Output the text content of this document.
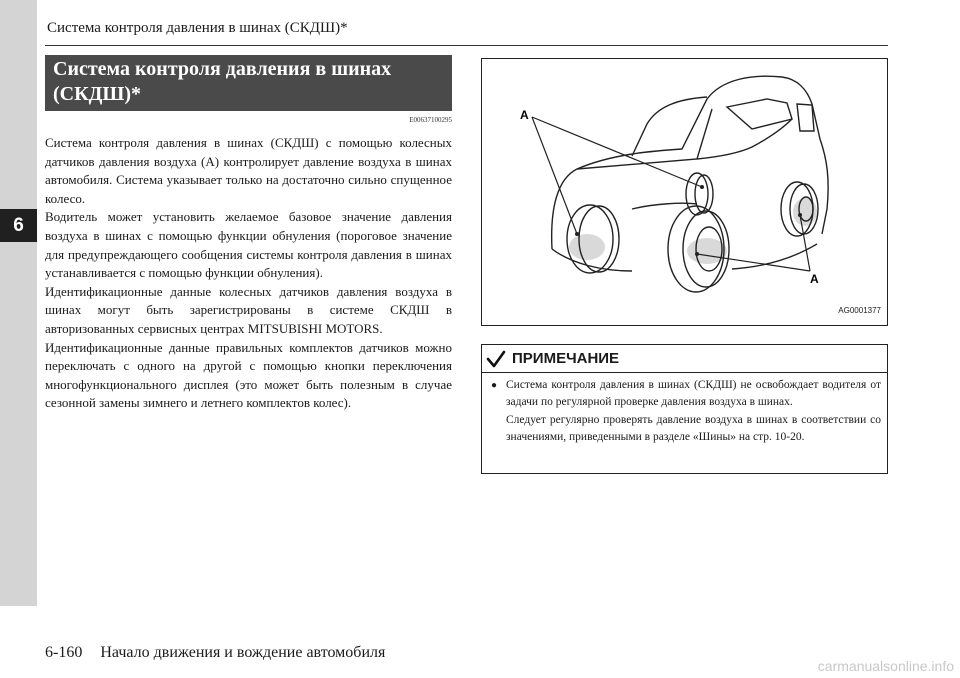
6
Система контроля давления в шинах (СКДШ)*
Система контроля давления в шинах (СКДШ)*
E00637100295

Система контроля давления в шинах (СКДШ) с помощью колесных датчиков давления воздуха (А) контролирует давление воздуха в шинах автомобиля. Система указывает только на достаточно сильно спущенное колесо.

Водитель может установить желаемое базовое значение давления воздуха в шинах с помощью функции обнуления (пороговое значение для предупреждающего сообщения системы контроля давления в шинах устанавливается с помощью функции обнуления).

Идентификационные данные колесных датчиков давления воздуха в шинах могут быть зарегистрированы в системе СКДШ в авторизованных сервисных центрах MITSUBISHI MOTORS.

Идентификационные данные правильных комплектов датчиков можно переключать с одного на другой с помощью кнопки переключения многофункционального дисплея (это может быть полезным в случае сезонной замены зимнего и летнего комплектов колес).

A
A
AG0001377
ПРИМЕЧАНИЕ
● Система контроля давления в шинах (СКДШ) не освобождает водителя от задачи по регулярной проверке давления воздуха в шинах.

Следует регулярно проверять давление воздуха в шинах в соответствии со значениями, приведенными в разделе «Шины» на стр. 10-20.

6-160 Начало движения и вождение автомобиля
carmanualsonline.info
